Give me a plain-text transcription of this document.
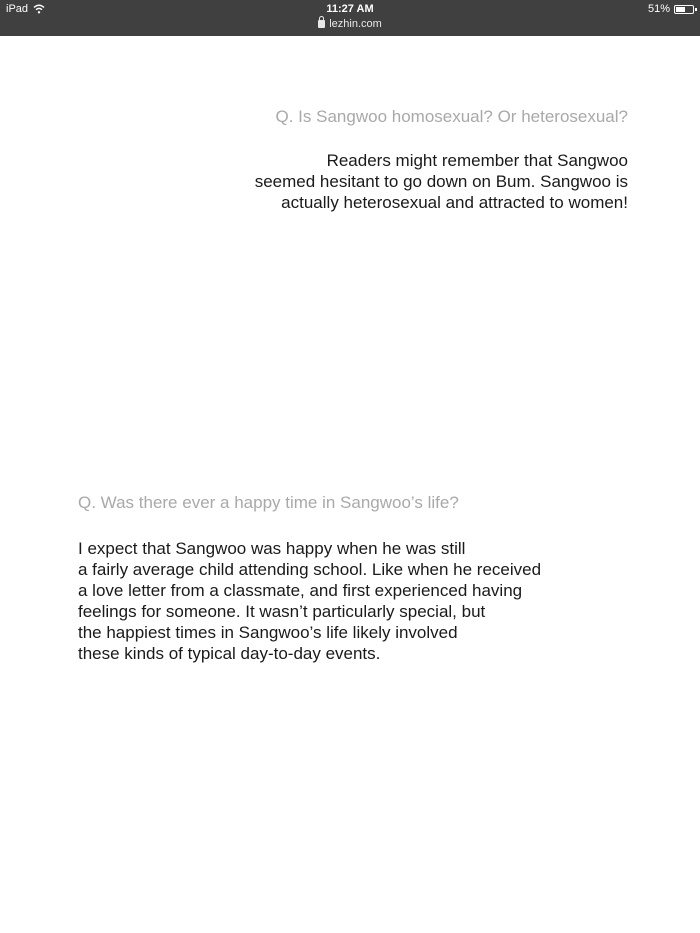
iPad	11:27 AM
lezhin.com
51%
Q. Is Sangwoo homosexual? Or heterosexual?
Readers might remember that Sangwoo
seemed hesitant to go down on Bum. Sangwoo is
actually heterosexual and attracted to women!
Q. Was there ever a happy time in Sangwoo’s life?
I expect that Sangwoo was happy when he was still
a fairly average child attending school. Like when he received
a love letter from a classmate, and first experienced having
feelings for someone. It wasn’t particularly special, but
the happiest times in Sangwoo’s life likely involved
these kinds of typical day-to-day events.
